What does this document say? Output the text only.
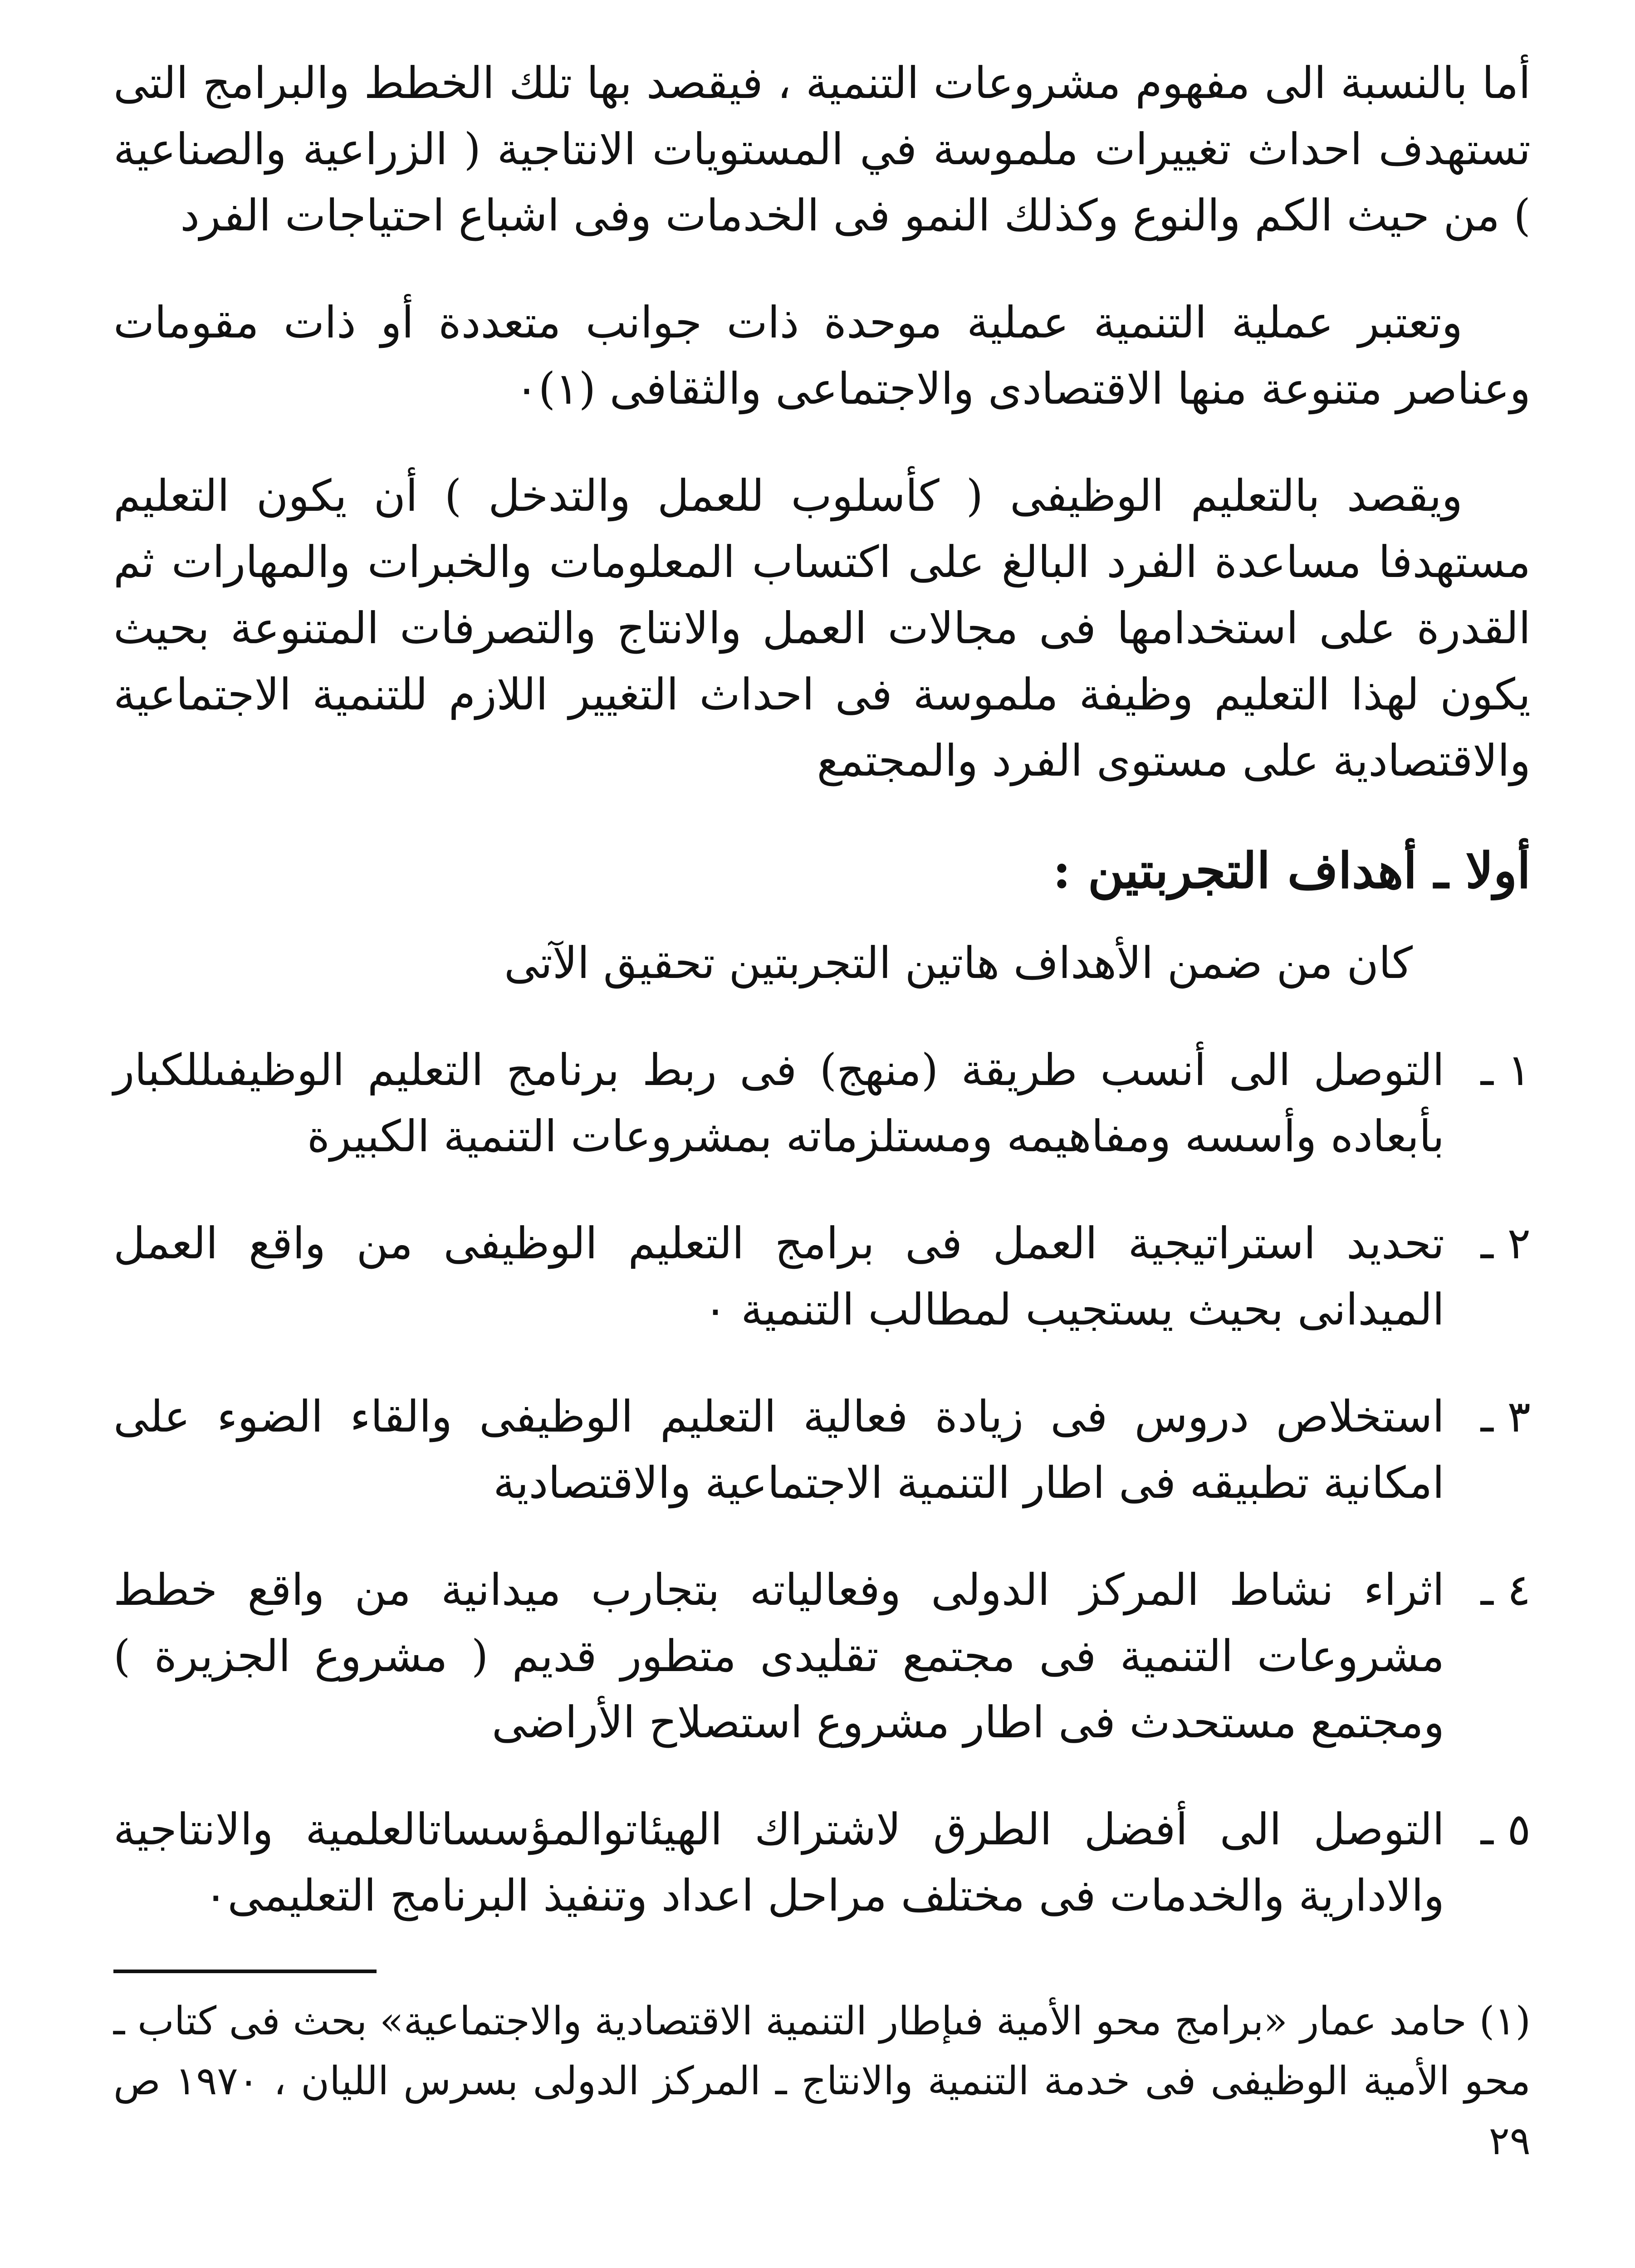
أما بالنسبة الى مفهوم مشروعات التنمية ، فيقصد بها تلك الخطط والبرامج التى تستهدف احداث تغييرات ملموسة في المستويات الانتاجية ( الزراعية والصناعية ) من حيث الكم والنوع وكذلك النمو فى الخدمات وفى اشباع احتياجات الفرد

وتعتبر عملية التنمية عملية موحدة ذات جوانب متعددة أو ذات مقومات وعناصر متنوعة منها الاقتصادى والاجتماعى والثقافى (١)٠

ويقصد بالتعليم الوظيفى ( كأسلوب للعمل والتدخل ) أن يكون التعليم مستهدفا مساعدة الفرد البالغ على اكتساب المعلومات والخبرات والمهارات ثم القدرة على استخدامها فى مجالات العمل والانتاج والتصرفات المتنوعة بحيث يكون لهذا التعليم وظيفة ملموسة فى احداث التغيير اللازم للتنمية الاجتماعية والاقتصادية على مستوى الفرد والمجتمع

أولا ـ أهداف التجربتين :

كان من ضمن الأهداف هاتين التجربتين تحقيق الآتى

١ ـ

التوصل الى أنسب طريقة (منهج) فى ربط برنامج التعليم الوظيفىللكبار بأبعاده وأسسه ومفاهيمه ومستلزماته بمشروعات التنمية الكبيرة

٢ ـ

تحديد استراتيجية العمل فى برامج التعليم الوظيفى من واقع العمل الميدانى بحيث يستجيب لمطالب التنمية ٠

٣ ـ

استخلاص دروس فى زيادة فعالية التعليم الوظيفى والقاء الضوء على امكانية تطبيقه فى اطار التنمية الاجتماعية والاقتصادية

٤ ـ

اثراء نشاط المركز الدولى وفعالياته بتجارب ميدانية من واقع خطط مشروعات التنمية فى مجتمع تقليدى متطور قديم ( مشروع الجزيرة ) ومجتمع مستحدث فى اطار مشروع استصلاح الأراضى

٥ ـ

التوصل الى أفضل الطرق لاشتراك الهيئاتوالمؤسساتالعلمية والانتاجية والادارية والخدمات فى مختلف مراحل اعداد وتنفيذ البرنامج التعليمى٠

(١) حامد عمار «برامج محو الأمية فىإطار التنمية الاقتصادية والاجتماعية» بحث فى كتاب ـ محو الأمية الوظيفى فى خدمة التنمية والانتاج ـ المركز الدولى بسرس الليان ، ١٩٧٠ ص ٢٩
